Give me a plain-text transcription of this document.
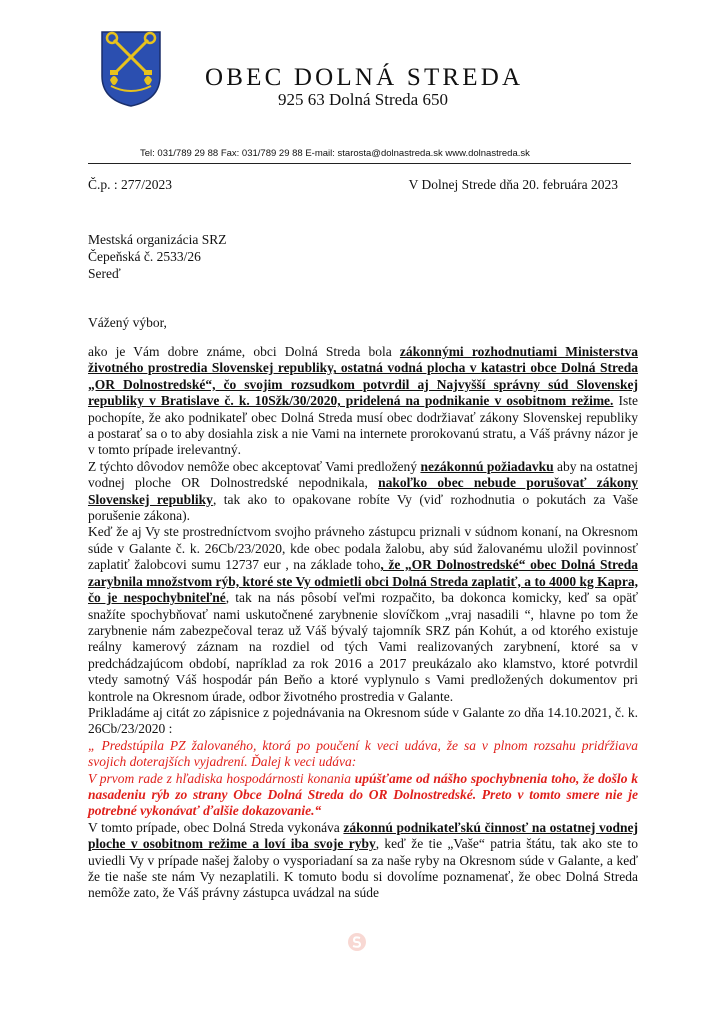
OBEC DOLNÁ STREDA
925 63 Dolná Streda 650
Tel: 031/789 29 88 Fax: 031/789 29 88 E-mail: starosta@dolnastreda.sk www.dolnastreda.sk
Č.p. : 277/2023	V Dolnej Strede dňa 20. februára 2023
Mestská organizácia SRZ
Čepeňská č. 2533/26
Sereď
Vážený výbor,

ako je Vám dobre známe, obci Dolná Streda bola zákonnými rozhodnutiami Ministerstva životného prostredia Slovenskej republiky, ostatná vodná plocha v katastri obce Dolná Streda „OR Dolnostredské“, čo svojim rozsudkom potvrdil aj Najvyšší správny súd Slovenskej republiky v Bratislave č. k. 10Sžk/30/2020, pridelená na podnikanie v osobitnom režime. Iste pochopíte, že ako podnikateľ obec Dolná Streda musí obec dodržiavať zákony Slovenskej republiky a postarať sa o to aby dosiahla zisk a nie Vami na internete prorokovanú stratu, a Váš právny názor je v tomto prípade irelevantný.

Z týchto dôvodov nemôže obec akceptovať Vami predložený nezákonnú požiadavku aby na ostatnej vodnej ploche OR Dolnostredské nepodnikala, nakoľko obec nebude porušovať zákony Slovenskej republiky, tak ako to opakovane robíte Vy (viď rozhodnutia o pokutách za Vaše porušenie zákona).

Keď že aj Vy ste prostredníctvom svojho právneho zástupcu priznali v súdnom konaní, na Okresnom súde v Galante č. k. 26Cb/23/2020, kde obec podala žalobu, aby súd žalovanému uložil povinnosť zaplatiť žalobcovi sumu 12737 eur , na základe toho, že „OR Dolnostredské“ obec Dolná Streda zarybnila množstvom rýb, ktoré ste Vy odmietli obci Dolná Streda zaplatiť, a to 4000 kg Kapra, čo je nespochybniteľné, tak na nás pôsobí veľmi rozpačito, ba dokonca komicky, keď sa opäť snažíte spochybňovať nami uskutočnené zarybnenie slovíčkom „vraj nasadili “, hlavne po tom že zarybnenie nám zabezpečoval teraz už Váš bývalý tajomník SRZ pán Kohút, a od ktorého existuje reálny kamerový záznam na rozdiel od tých Vami realizovaných zarybnení, ktoré sa v predchádzajúcom období, napríklad za rok 2016 a 2017 preukázalo ako klamstvo, ktoré potvrdil vtedy samotný Váš hospodár pán Beňo a ktoré vyplynulo s Vami predložených dokumentov pri kontrole na Okresnom úrade, odbor životného prostredia v Galante.

Prikladáme aj citát zo zápisnice z pojednávania na Okresnom súde v Galante zo dňa 14.10.2021, č. k. 26Cb/23/2020 :

„ Predstúpila PZ žalovaného, ktorá po poučení k veci udáva, že sa v plnom rozsahu pridŕžiava svojich doterajších vyjadrení. Ďalej k veci udáva:

V prvom rade z hľadiska hospodárnosti konania upúšťame od nášho spochybnenia toho, že došlo k nasadeniu rýb zo strany Obce Dolná Streda do OR Dolnostredské. Preto v tomto smere nie je potrebné vykonávať ďalšie dokazovanie.“

V tomto prípade, obec Dolná Streda vykonáva zákonnú podnikateľskú činnosť na ostatnej vodnej ploche v osobitnom režime a loví iba svoje ryby, keď že tie „Vaše“ patria štátu, tak ako ste to uviedli Vy v prípade našej žaloby o vysporiadaní sa za naše ryby na Okresnom súde v Galante, a keď že tie naše ste nám Vy nezaplatili. K tomuto bodu si dovolíme poznamenať, že obec Dolná Streda nemôže zato, že Váš právny zástupca uvádzal na súde
